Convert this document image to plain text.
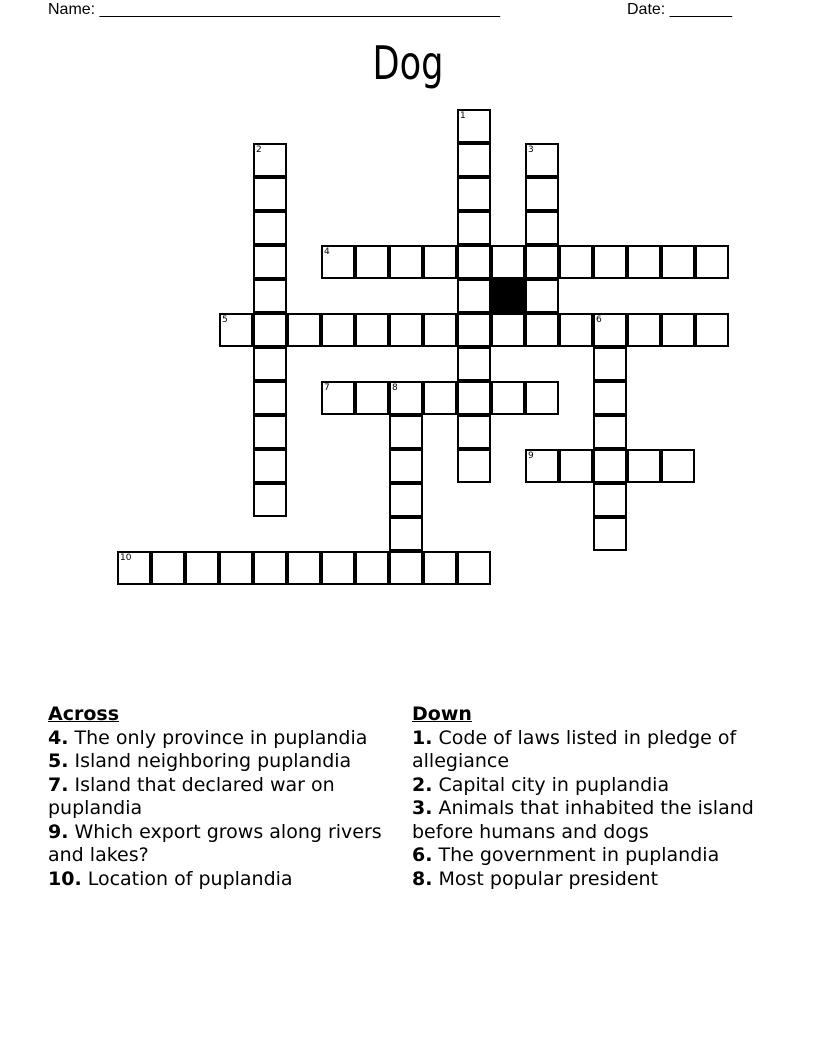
Name: _____________________________________________	Date: _______
Dog
1
2	3
4
5	6
7	8
9
10
Across
4. The only province in puplandia
5. Island neighboring puplandia
7. Island that declared war on puplandia
9. Which export grows along rivers and lakes?
10. Location of puplandia
Down
1. Code of laws listed in pledge of allegiance
2. Capital city in puplandia
3. Animals that inhabited the island before humans and dogs
6. The government in puplandia
8. Most popular president
